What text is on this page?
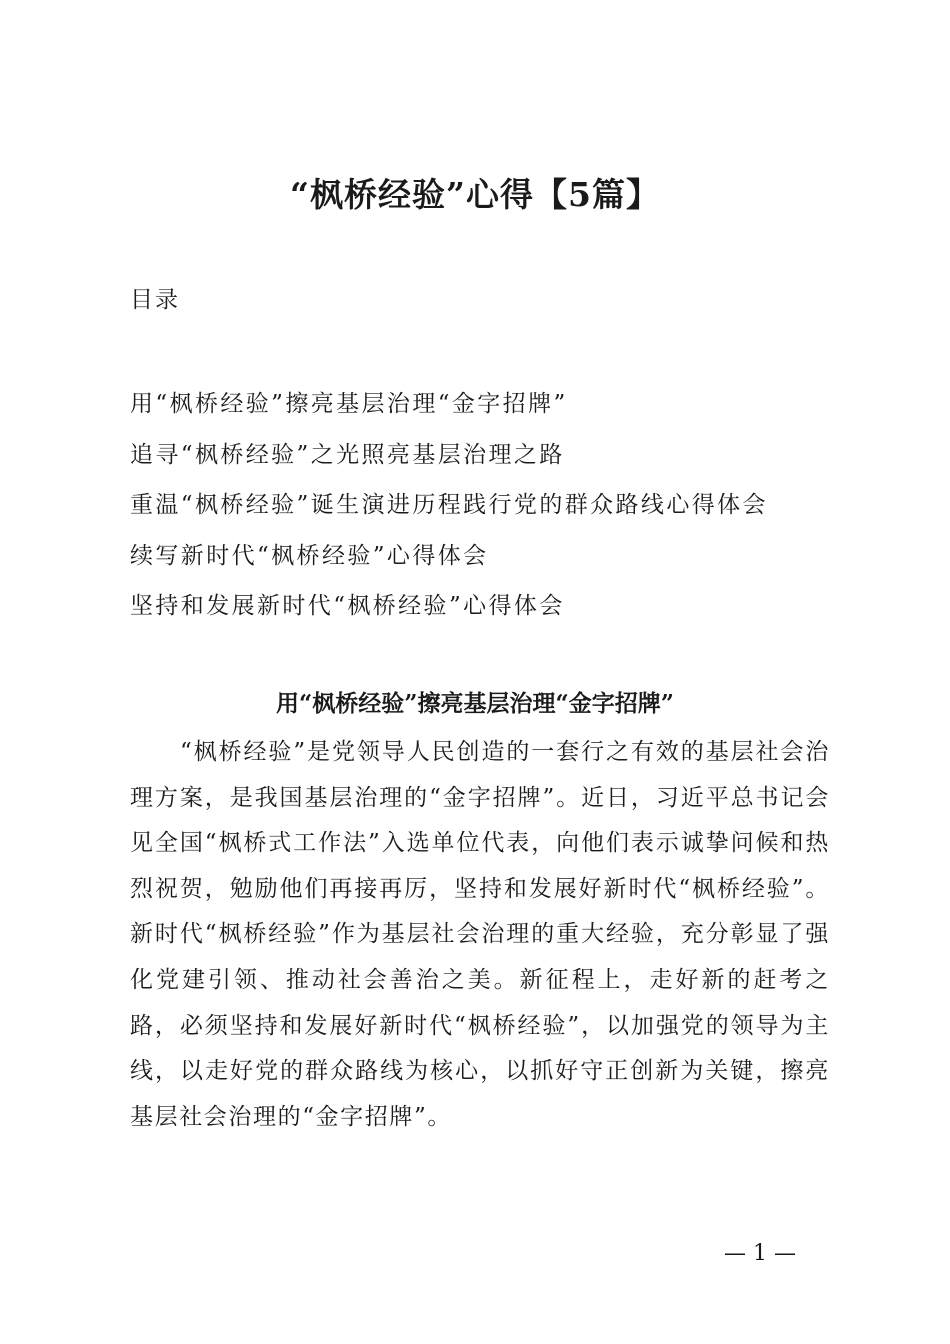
“枫桥经验”心得【5篇】
目录
用“枫桥经验”擦亮基层治理“金字招牌”
追寻“枫桥经验”之光照亮基层治理之路
重温“枫桥经验”诞生演进历程践行党的群众路线心得体会
续写新时代“枫桥经验”心得体会
坚持和发展新时代“枫桥经验”心得体会
用“枫桥经验”擦亮基层治理“金字招牌”

“枫桥经验”是党领导人民创造的一套行之有效的基层社会治理方案，是我国基层治理的“金字招牌”。近日，习近平总书记会见全国“枫桥式工作法”入选单位代表，向他们表示诚挚问候和热烈祝贺，勉励他们再接再厉，坚持和发展好新时代“枫桥经验”。新时代“枫桥经验”作为基层社会治理的重大经验，充分彰显了强化党建引领、推动社会善治之美。新征程上，走好新的赶考之路，必须坚持和发展好新时代“枫桥经验”，以加强党的领导为主线，以走好党的群众路线为核心，以抓好守正创新为关键，擦亮基层社会治理的“金字招牌”。

— 1 —
